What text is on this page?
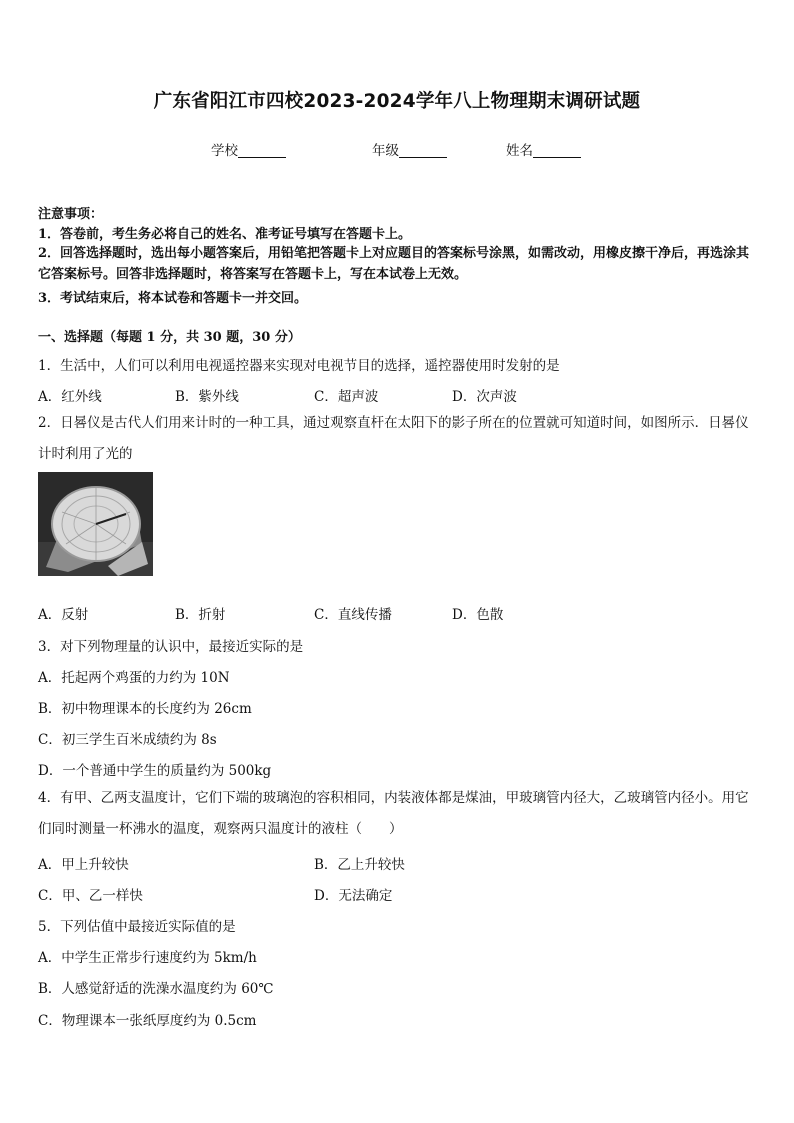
广东省阳江市四校2023-2024学年八上物理期末调研试题
学校	年级	姓名
注意事项：
1．答卷前，考生务必将自己的姓名、准考证号填写在答题卡上。
2．回答选择题时，选出每小题答案后，用铅笔把答题卡上对应题目的答案标号涂黑，如需改动，用橡皮擦干净后，再选涂其它答案标号。回答非选择题时，将答案写在答题卡上，写在本试卷上无效。
3．考试结束后，将本试卷和答题卡一并交回。
一、选择题（每题 1 分，共 30 题，30 分）
1．生活中，人们可以利用电视遥控器来实现对电视节目的选择，遥控器使用时发射的是
A．红外线	B．紫外线	C．超声波	D．次声波
2．日晷仪是古代人们用来计时的一种工具，通过观察直杆在太阳下的影子所在的位置就可知道时间，如图所示．日晷仪计时利用了光的
A．反射	B．折射	C．直线传播	D．色散
3．对下列物理量的认识中，最接近实际的是
A．托起两个鸡蛋的力约为 10N
B．初中物理课本的长度约为 26cm
C．初三学生百米成绩约为 8s
D．一个普通中学生的质量约为 500kg
4．有甲、乙两支温度计，它们下端的玻璃泡的容积相同，内装液体都是煤油，甲玻璃管内径大，乙玻璃管内径小。用它们同时测量一杯沸水的温度，观察两只温度计的液柱（　　）
A．甲上升较快	B．乙上升较快
C．甲、乙一样快	D．无法确定
5．下列估值中最接近实际值的是
A．中学生正常步行速度约为 5km/h
B．人感觉舒适的洗澡水温度约为 60℃
C．物理课本一张纸厚度约为 0.5cm
